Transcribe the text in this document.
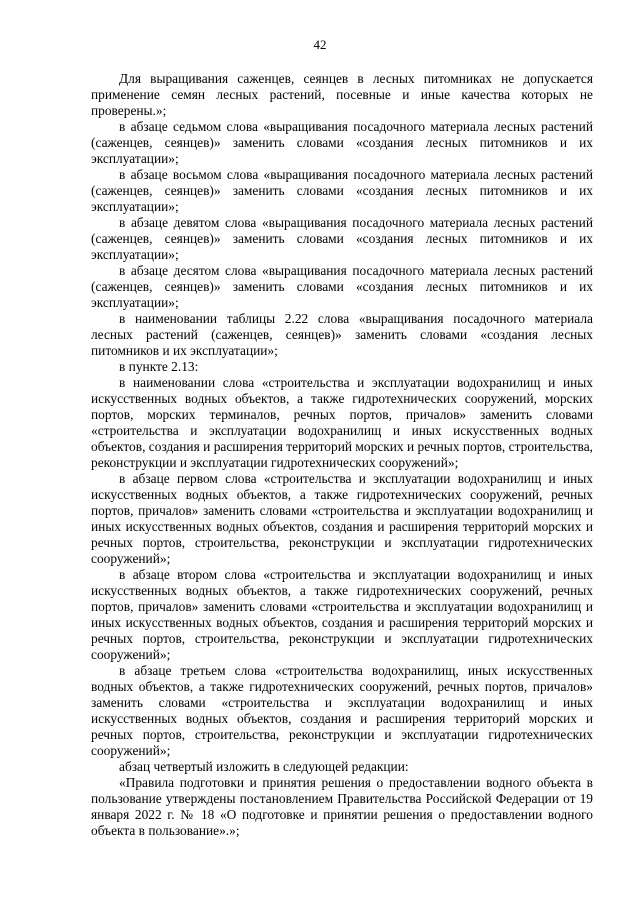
42

Для выращивания саженцев, сеянцев в лесных питомниках не допускается применение семян лесных растений, посевные и иные качества которых не проверены.»;

в абзаце седьмом слова «выращивания посадочного материала лесных растений (саженцев, сеянцев)» заменить словами «создания лесных питомников и их эксплуатации»;

в абзаце восьмом слова «выращивания посадочного материала лесных растений (саженцев, сеянцев)» заменить словами «создания лесных питомников и их эксплуатации»;

в абзаце девятом слова «выращивания посадочного материала лесных растений (саженцев, сеянцев)» заменить словами «создания лесных питомников и их эксплуатации»;

в абзаце десятом слова «выращивания посадочного материала лесных растений (саженцев, сеянцев)» заменить словами «создания лесных питомников и их эксплуатации»;

в наименовании таблицы 2.22 слова «выращивания посадочного материала лесных растений (саженцев, сеянцев)» заменить словами «создания лесных питомников и их эксплуатации»;

в пункте 2.13:

в наименовании слова «строительства и эксплуатации водохранилищ и иных искусственных водных объектов, а также гидротехнических сооружений, морских портов, морских терминалов, речных портов, причалов» заменить словами «строительства и эксплуатации водохранилищ и иных искусственных водных объектов, создания и расширения территорий морских и речных портов, строительства, реконструкции и эксплуатации гидротехнических сооружений»;

в абзаце первом слова «строительства и эксплуатации водохранилищ и иных искусственных водных объектов, а также гидротехнических сооружений, речных портов, причалов» заменить словами «строительства и эксплуатации водохранилищ и иных искусственных водных объектов, создания и расширения территорий морских и речных портов, строительства, реконструкции и эксплуатации гидротехнических сооружений»;

в абзаце втором слова «строительства и эксплуатации водохранилищ и иных искусственных водных объектов, а также гидротехнических сооружений, речных портов, причалов» заменить словами «строительства и эксплуатации водохранилищ и иных искусственных водных объектов, создания и расширения территорий морских и речных портов, строительства, реконструкции и эксплуатации гидротехнических сооружений»;

в абзаце третьем слова «строительства водохранилищ, иных искусственных водных объектов, а также гидротехнических сооружений, речных портов, причалов» заменить словами «строительства и эксплуатации водохранилищ и иных искусственных водных объектов, создания и расширения территорий морских и речных портов, строительства, реконструкции и эксплуатации гидротехнических сооружений»;

абзац четвертый изложить в следующей редакции:

«Правила подготовки и принятия решения о предоставлении водного объекта в пользование утверждены постановлением Правительства Российской Федерации от 19 января 2022 г. № 18 «О подготовке и принятии решения о предоставлении водного объекта в пользование».»;
